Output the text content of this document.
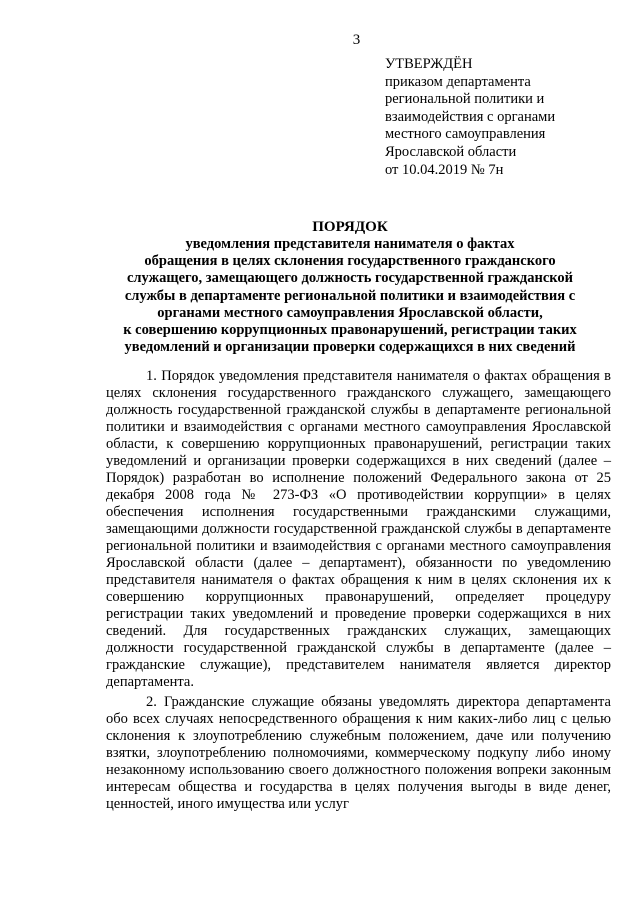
3
УТВЕРЖДЁН
приказом департамента
региональной политики и
взаимодействия с органами
местного самоуправления
Ярославской области
от 10.04.2019 № 7н
ПОРЯДОК
уведомления представителя нанимателя о фактах
обращения в целях склонения государственного гражданского
служащего, замещающего должность государственной гражданской
службы в департаменте региональной политики и взаимодействия с
органами местного самоуправления Ярославской области,
к совершению коррупционных правонарушений, регистрации таких
уведомлений и организации проверки содержащихся в них сведений

1. Порядок уведомления представителя нанимателя о фактах обращения в целях склонения государственного гражданского служащего, замещающего должность государственной гражданской службы в департаменте региональной политики и взаимодействия с органами местного самоуправления Ярославской области, к совершению коррупционных правонарушений, регистрации таких уведомлений и организации проверки содержащихся в них сведений (далее – Порядок) разработан во исполнение положений Федерального закона от 25 декабря 2008 года № 273-ФЗ «О противодействии коррупции» в целях обеспечения исполнения государственными гражданскими служащими, замещающими должности государственной гражданской службы в департаменте региональной политики и взаимодействия с органами местного самоуправления Ярославской области (далее – департамент), обязанности по уведомлению представителя нанимателя о фактах обращения к ним в целях склонения их к совершению коррупционных правонарушений, определяет процедуру регистрации таких уведомлений и проведение проверки содержащихся в них сведений. Для государственных гражданских служащих, замещающих должности государственной гражданской службы в департаменте (далее – гражданские служащие), представителем нанимателя является директор департамента.

2. Гражданские служащие обязаны уведомлять директора департамента обо всех случаях непосредственного обращения к ним каких-либо лиц с целью склонения к злоупотреблению служебным положением, даче или получению взятки, злоупотреблению полномочиями, коммерческому подкупу либо иному незаконному использованию своего должностного положения вопреки законным интересам общества и государства в целях получения выгоды в виде денег, ценностей, иного имущества или услуг
